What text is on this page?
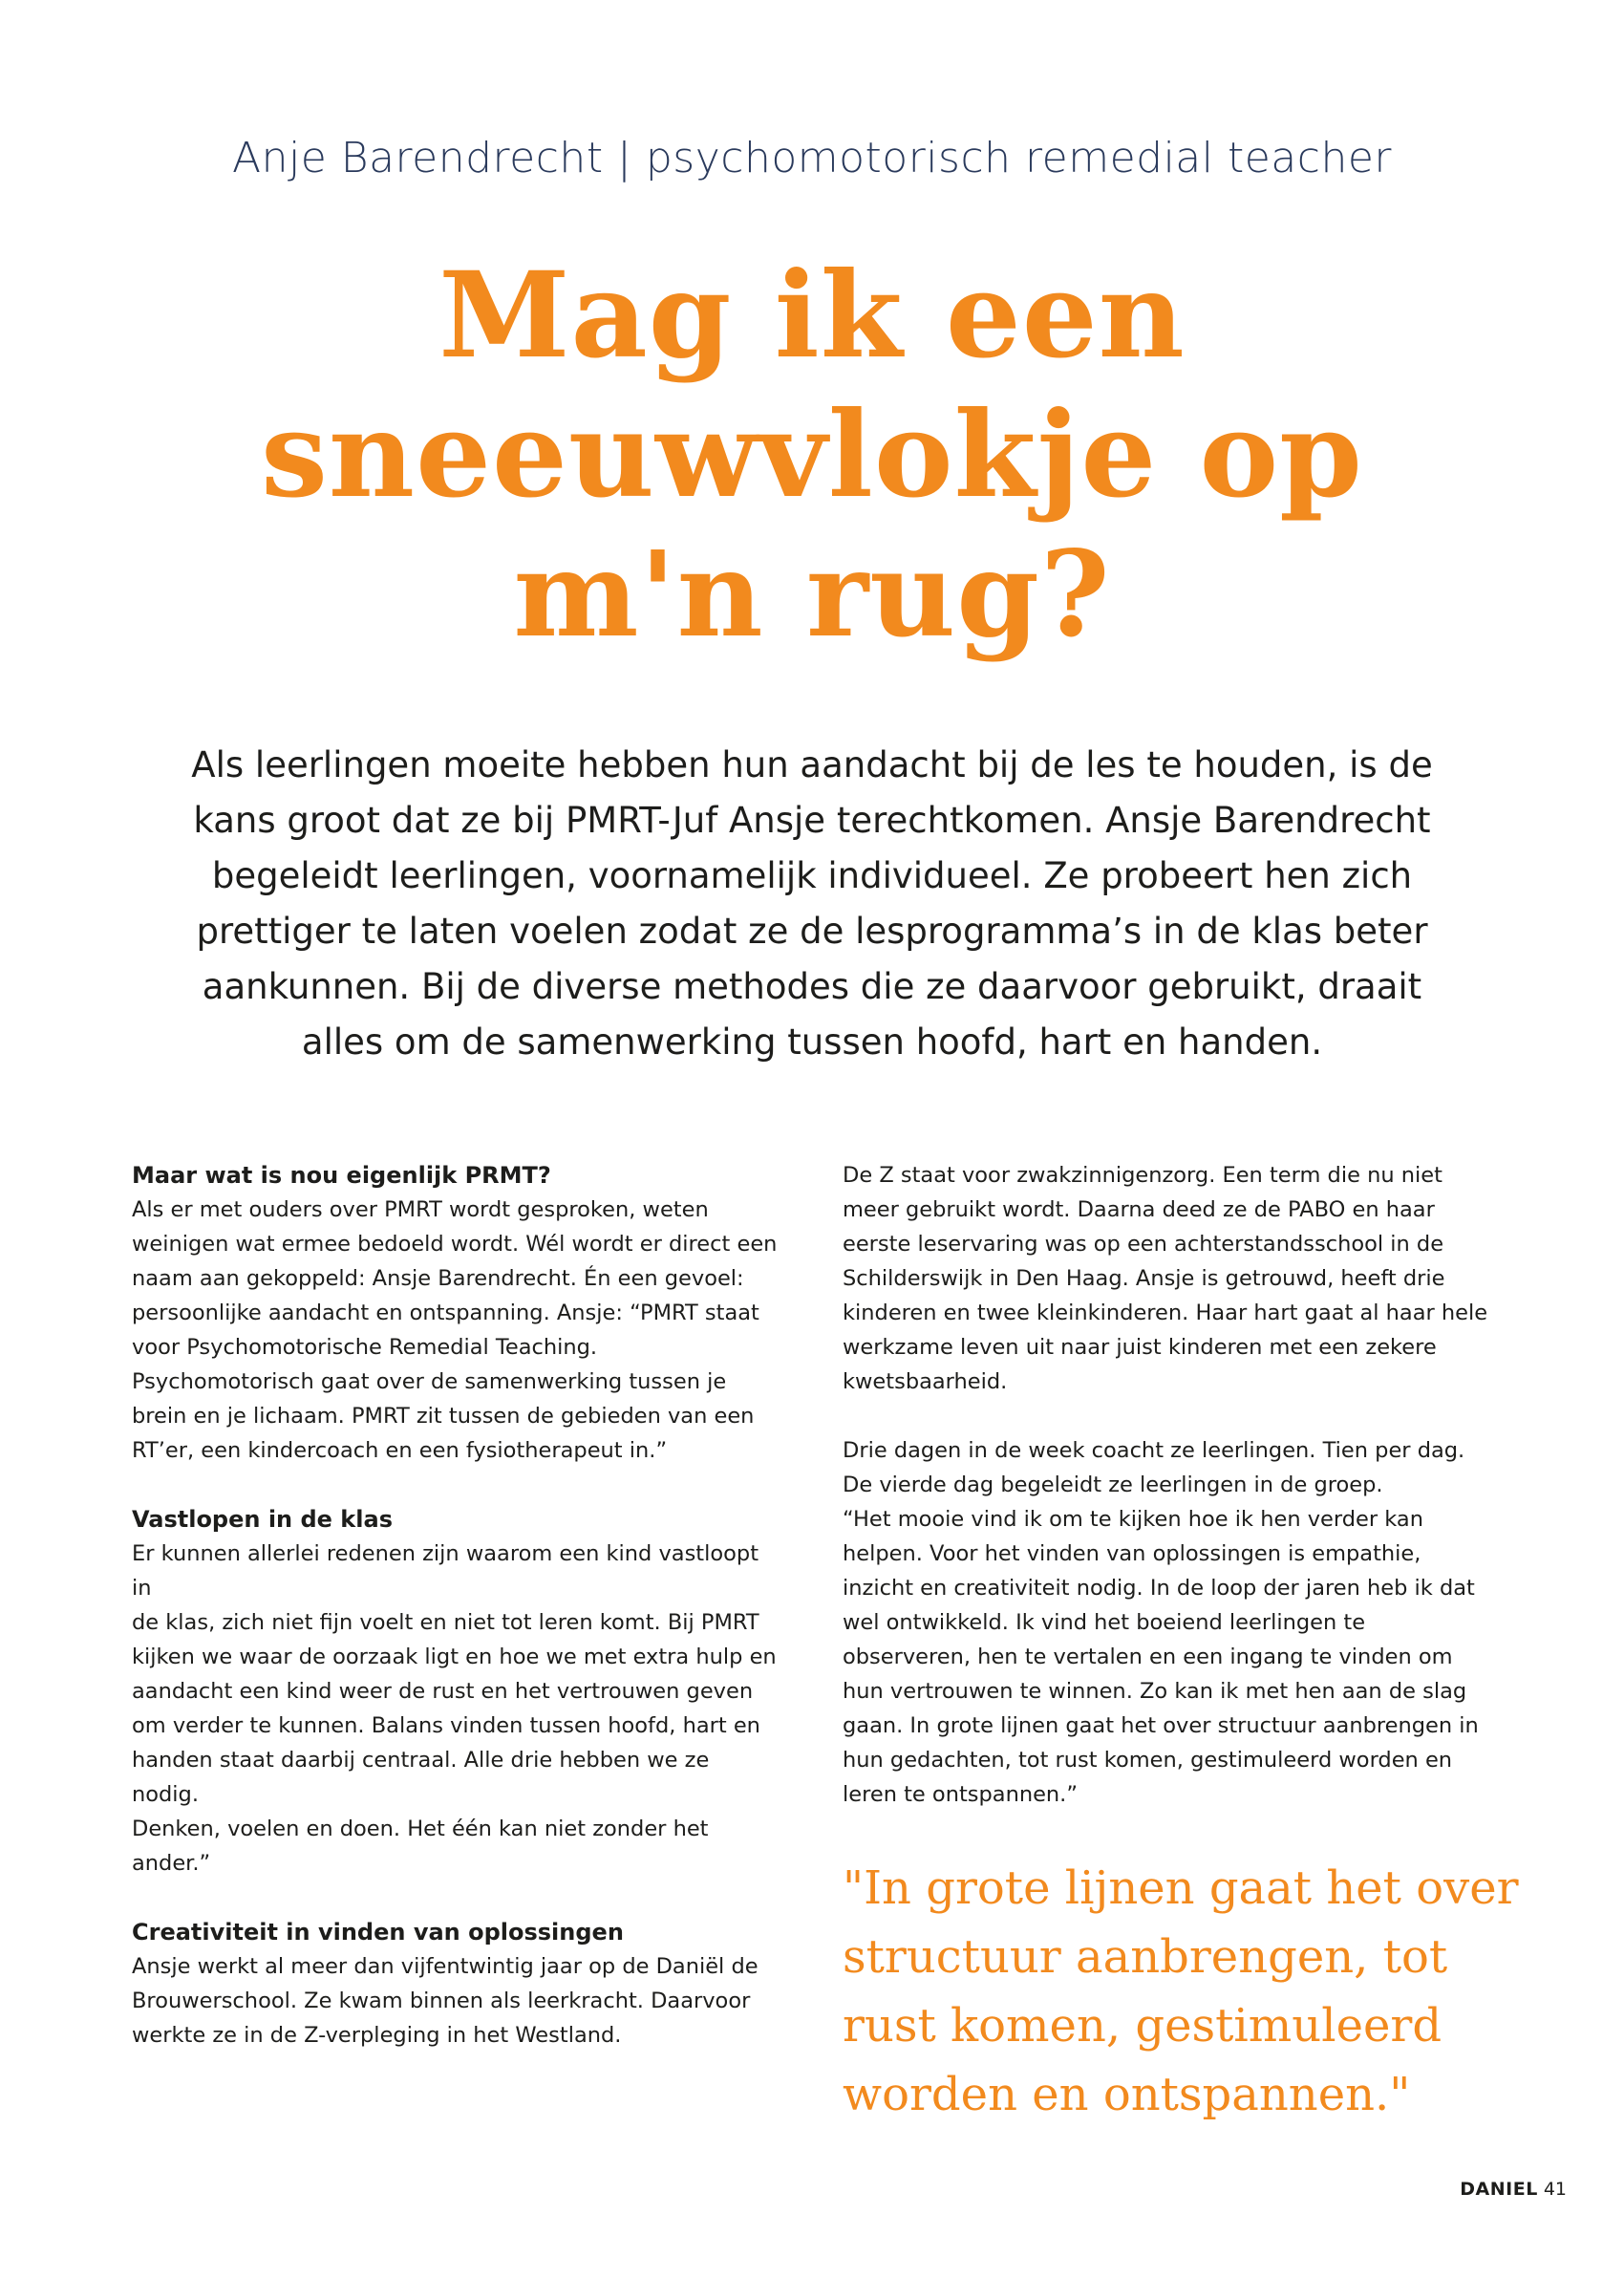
Anje Barendrecht | psychomotorisch remedial teacher
Mag ik een
sneeuwvlokje op
m'n rug?
Als leerlingen moeite hebben hun aandacht bij de les te houden, is de
kans groot dat ze bij PMRT-Juf Ansje terechtkomen. Ansje Barendrecht
begeleidt leerlingen, voornamelijk individueel. Ze probeert hen zich
prettiger te laten voelen zodat ze de lesprogramma’s in de klas beter
aankunnen. Bij de diverse methodes die ze daarvoor gebruikt, draait
alles om de samenwerking tussen hoofd, hart en handen.
Maar wat is nou eigenlijk PRMT?

Als er met ouders over PMRT wordt gesproken, weten

weinigen wat ermee bedoeld wordt. Wél wordt er direct een

naam aan gekoppeld: Ansje Barendrecht. Én een gevoel:

persoonlijke aandacht en ontspanning. Ansje: “PMRT staat

voor Psychomotorische Remedial Teaching.

Psychomotorisch gaat over de samenwerking tussen je

brein en je lichaam. PMRT zit tussen de gebieden van een

RT’er, een kindercoach en een fysiotherapeut in.”

Vastlopen in de klas

Er kunnen allerlei redenen zijn waarom een kind vastloopt in

de klas, zich niet fijn voelt en niet tot leren komt. Bij PMRT

kijken we waar de oorzaak ligt en hoe we met extra hulp en

aandacht een kind weer de rust en het vertrouwen geven

om verder te kunnen. Balans vinden tussen hoofd, hart en

handen staat daarbij centraal. Alle drie hebben we ze nodig.

Denken, voelen en doen. Het één kan niet zonder het

ander.”

Creativiteit in vinden van oplossingen

Ansje werkt al meer dan vijfentwintig jaar op de Daniël de

Brouwerschool. Ze kwam binnen als leerkracht. Daarvoor

werkte ze in de Z-verpleging in het Westland.

De Z staat voor zwakzinnigenzorg. Een term die nu niet

meer gebruikt wordt. Daarna deed ze de PABO en haar

eerste leservaring was op een achterstandsschool in de

Schilderswijk in Den Haag. Ansje is getrouwd, heeft drie

kinderen en twee kleinkinderen. Haar hart gaat al haar hele

werkzame leven uit naar juist kinderen met een zekere

kwetsbaarheid.

Drie dagen in de week coacht ze leerlingen. Tien per dag.

De vierde dag begeleidt ze leerlingen in de groep.

“Het mooie vind ik om te kijken hoe ik hen verder kan

helpen. Voor het vinden van oplossingen is empathie,

inzicht en creativiteit nodig. In de loop der jaren heb ik dat

wel ontwikkeld. Ik vind het boeiend leerlingen te

observeren, hen te vertalen en een ingang te vinden om

hun vertrouwen te winnen. Zo kan ik met hen aan de slag

gaan. In grote lijnen gaat het over structuur aanbrengen in

hun gedachten, tot rust komen, gestimuleerd worden en

leren te ontspannen.”

"In grote lijnen gaat het over
structuur aanbrengen, tot
rust komen, gestimuleerd
worden en ontspannen."
DANIEL 41
